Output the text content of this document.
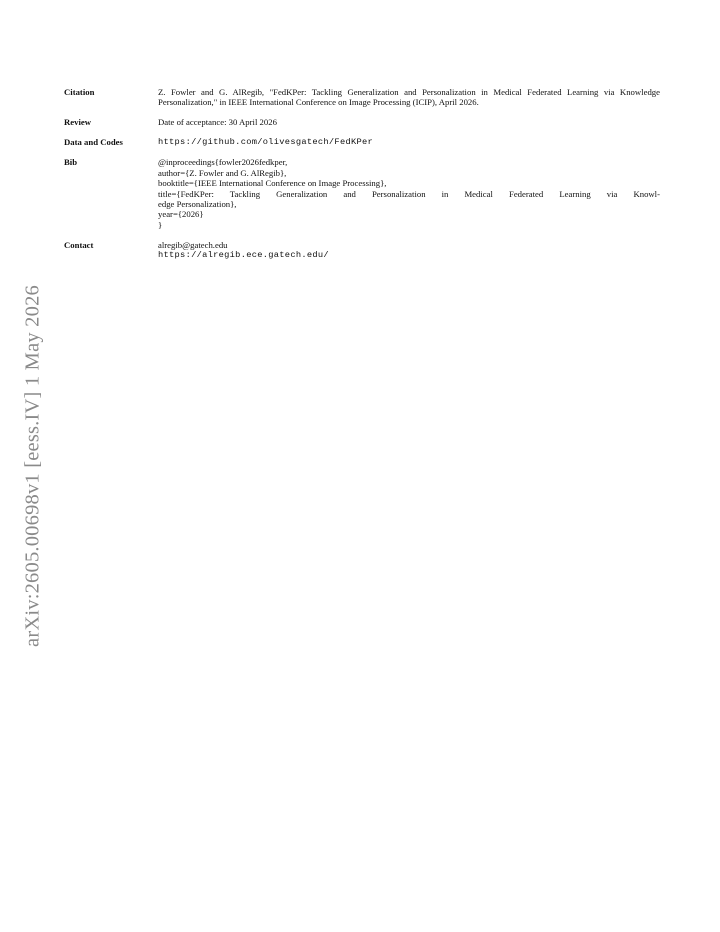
arXiv:2605.00698v1 [eess.IV] 1 May 2026
Citation	Z. Fowler and G. AlRegib, "FedKPer: Tackling Generalization and Personalization in Medical Federated Learning via Knowledge Personalization," in IEEE International Conference on Image Processing (ICIP), April 2026.
Review	Date of acceptance: 30 April 2026
Data and Codes	https://github.com/olivesgatech/FedKPer
Bib	@inproceedings{fowler2026fedkper,
author={Z. Fowler and G. AlRegib},
booktitle={IEEE International Conference on Image Processing},
title={FedKPer: Tackling Generalization and Personalization in Medical Federated Learning via Knowl-
edge Personalization},
year={2026}
}
Contact	alregib@gatech.edu
https://alregib.ece.gatech.edu/
